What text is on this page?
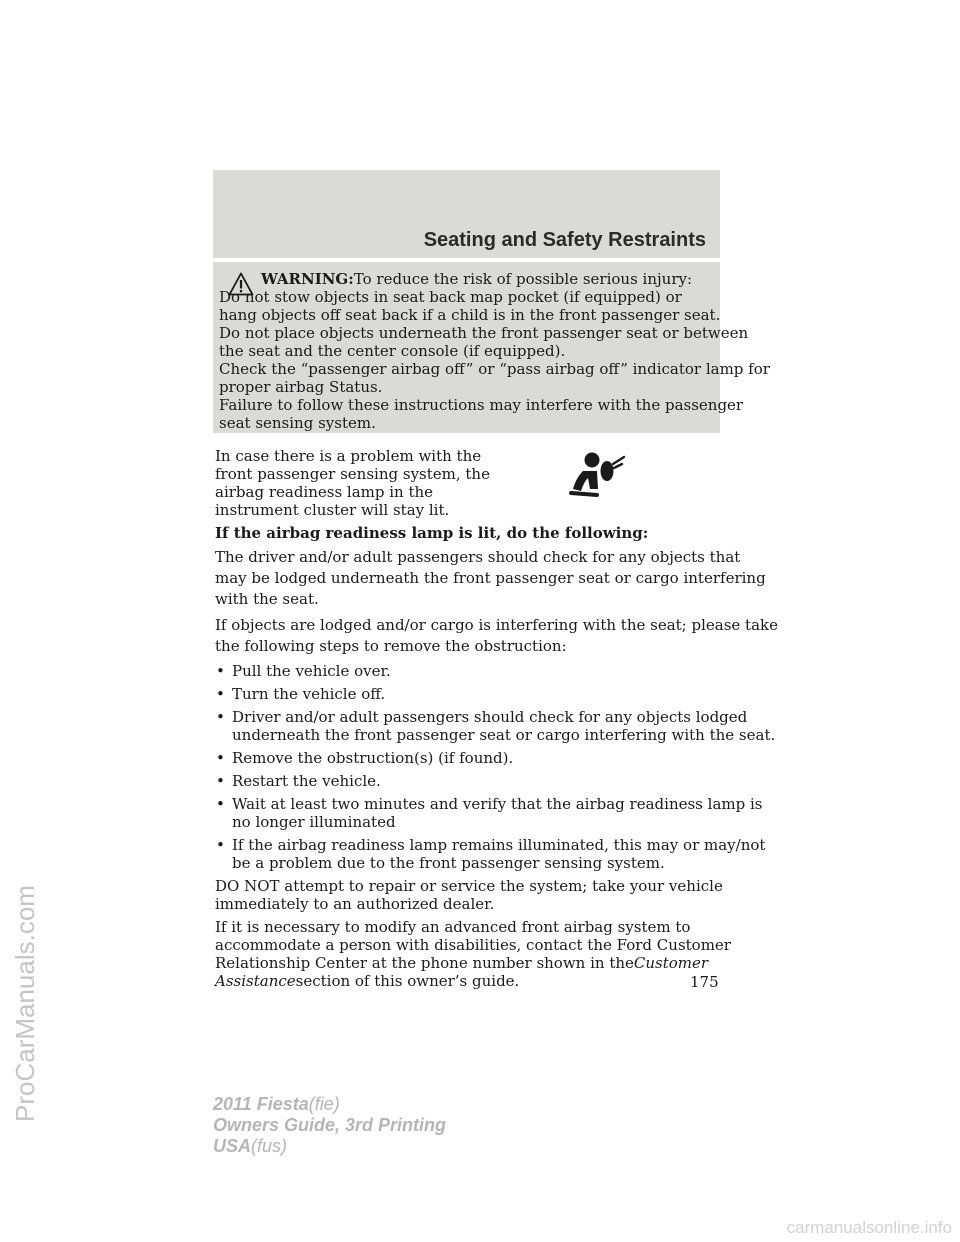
Seating and Safety Restraints
WARNING:To reduce the risk of possible serious injury:
Do not stow objects in seat back map pocket (if equipped) or
hang objects off seat back if a child is in the front passenger seat.
Do not place objects underneath the front passenger seat or between
the seat and the center console (if equipped).
Check the “passenger airbag off” or “pass airbag off” indicator lamp for
proper airbag Status.
Failure to follow these instructions may interfere with the passenger
seat sensing system.
In case there is a problem with the
front passenger sensing system, the
airbag readiness lamp in the
instrument cluster will stay lit.
If the airbag readiness lamp is lit, do the following:
The driver and/or adult passengers should check for any objects that
may be lodged underneath the front passenger seat or cargo interfering
with the seat.
If objects are lodged and/or cargo is interfering with the seat; please take
the following steps to remove the obstruction:
• Pull the vehicle over.
• Turn the vehicle off.
• Driver and/or adult passengers should check for any objects lodged
underneath the front passenger seat or cargo interfering with the seat.
• Remove the obstruction(s) (if found).
• Restart the vehicle.
• Wait at least two minutes and verify that the airbag readiness lamp is
no longer illuminated
• If the airbag readiness lamp remains illuminated, this may or may/not
be a problem due to the front passenger sensing system.
DO NOT attempt to repair or service the system; take your vehicle
immediately to an authorized dealer.
If it is necessary to modify an advanced front airbag system to
accommodate a person with disabilities, contact the Ford Customer
Relationship Center at the phone number shown in theCustomer
Assistancesection of this owner’s guide.	175
2011 Fiesta(fie)
Owners Guide, 3rd Printing
USA(fus)
ProCarManuals.com
carmanualsonline.info
